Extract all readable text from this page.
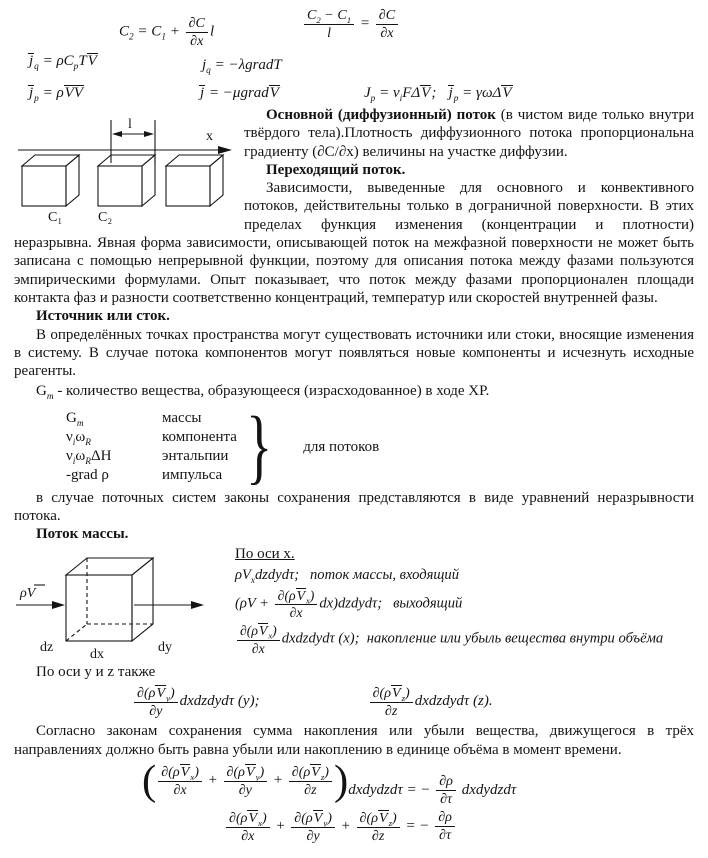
$C_2 = C_1 + \frac{\partial C}{\partial x}$ l	$\frac{C_2 - C_1}{l} = \frac{\partial C}{\partial x}$
$j_q = \rho C_pTV$	$j_q$ = −λgradT
$j_p = \rho VV$	j = −μgradV	$J_p = \nu_iF\Delta V$;   $j_p = \gamma\omega\Delta V$
x
l
C₁	C₂

Основной (диффузионный) поток (в чистом виде только внутри твёрдого тела).Плотность диффузионного потока пропорциональна градиенту (∂C/∂x) величины на участке диффузии.

Переходящий поток.

Зависимости, выведенные для основного и конвективного потоков, действительны только в дограничной поверхности. В этих пределах функция изменения (концентрации и плотности) неразрывна. Явная форма зависимости, описывающей поток на межфазной поверхности не может быть записана с помощью непрерывной функции, поэтому для описания потока между фазами пользуются эмпирическими формулами. Опыт показывает, что поток между фазами пропорционален площади контакта фаз и разности соответственно концентраций, температур или скоростей внутренней фазы.

Источник или сток.

В определённых точках пространства могут существовать источники или стоки, вносящие изменения в систему. В случае потока компонентов могут появляться новые компоненты и исчезнуть исходные реагенты.

$G_m$ - количество вещества, образующееся (израсходованное) в ходе ХР.

$G_m$	массы
$\nu_i\omega_R$	компонента
$\nu_i\omega_R\Delta H$	энтальпии
-grad ρ	импульса } для потоков

в случае поточных систем законы сохранения представляются в виде уравнений неразрывности потока.

Поток массы.

ρV
dz	dx	dy

По оси x.

$\rho V_xdzdyd\tau$;   поток массы, входящий
($\rho V + \frac{\partial(\rho V_x)}{\partial x}$ dx)dzdydτ;   выходящий
$\frac{\partial(\rho V_x)}{\partial x}$ dxdzdydτ (x);  накопление или убыль вещества внутри объёма

По оси у и z также

$\frac{\partial(\rho V_y)}{\partial y}$ dxdzdydτ (y);	$\frac{\partial(\rho V_z)}{\partial z}$ dxdzdydτ (z).

Согласно законам сохранения сумма накопления или убыли вещества, движущегося в трёх направлениях должно быть равна убыли или накоплению в единице объёма в момент времени.

( $\frac{\partial(\rho V_x)}{\partial x} + \frac{\partial(\rho V_y)}{\partial y} + \frac{\partial(\rho V_z)}{\partial z}$ ) dxdydzdτ = − $\frac{\partial\rho}{\partial\tau}$ dxdydzdτ
$\frac{\partial(\rho V_x)}{\partial x} + \frac{\partial(\rho V_y)}{\partial y} + \frac{\partial(\rho V_z)}{\partial z}$ = − $\frac{\partial\rho}{\partial\tau}$
